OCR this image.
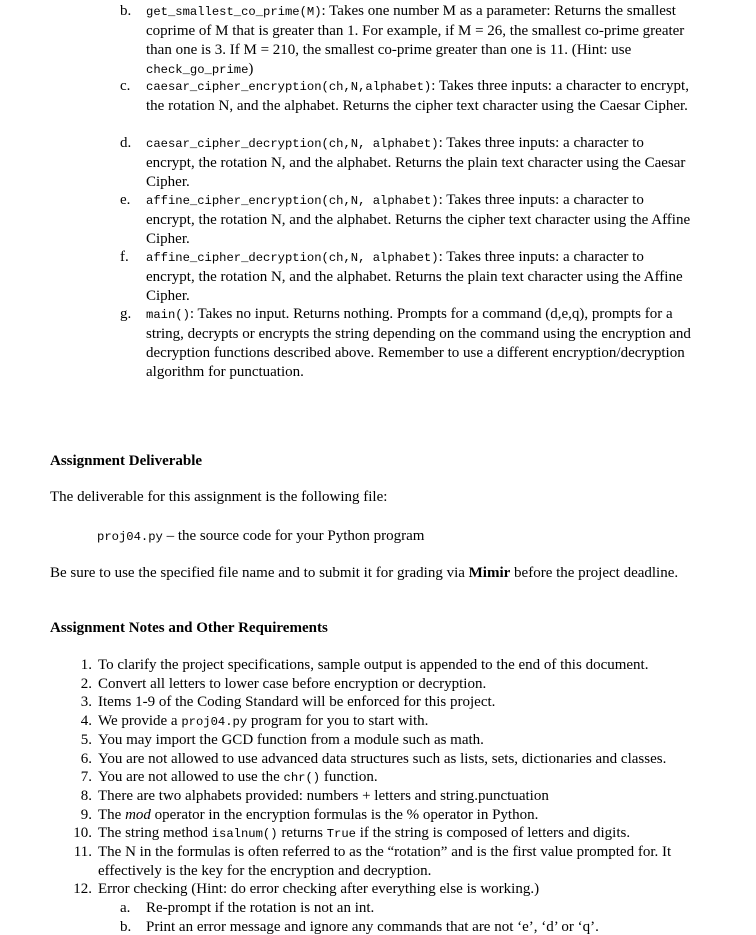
b. get_smallest_co_prime(M): Takes one number M as a parameter: Returns the smallest coprime of M that is greater than 1. For example, if M = 26, the smallest co-prime greater than one is 3. If M = 210, the smallest co-prime greater than one is 11. (Hint: use check_go_prime)
c. caesar_cipher_encryption(ch,N,alphabet): Takes three inputs: a character to encrypt, the rotation N, and the alphabet. Returns the cipher text character using the Caesar Cipher.
d. caesar_cipher_decryption(ch,N, alphabet): Takes three inputs: a character to encrypt, the rotation N, and the alphabet. Returns the plain text character using the Caesar Cipher.
e. affine_cipher_encryption(ch,N, alphabet): Takes three inputs: a character to encrypt, the rotation N, and the alphabet. Returns the cipher text character using the Affine Cipher.
f. affine_cipher_decryption(ch,N, alphabet): Takes three inputs: a character to encrypt, the rotation N, and the alphabet. Returns the plain text character using the Affine Cipher.
g. main(): Takes no input. Returns nothing. Prompts for a command (d,e,q), prompts for a string, decrypts or encrypts the string depending on the command using the encryption and decryption functions described above. Remember to use a different encryption/decryption algorithm for punctuation.
Assignment Deliverable
The deliverable for this assignment is the following file:
proj04.py – the source code for your Python program
Be sure to use the specified file name and to submit it for grading via Mimir before the project deadline.
Assignment Notes and Other Requirements
1. To clarify the project specifications, sample output is appended to the end of this document.
2. Convert all letters to lower case before encryption or decryption.
3. Items 1-9 of the Coding Standard will be enforced for this project.
4. We provide a proj04.py program for you to start with.
5. You may import the GCD function from a module such as math.
6. You are not allowed to use advanced data structures such as lists, sets, dictionaries and classes.
7. You are not allowed to use the chr() function.
8. There are two alphabets provided: numbers + letters and string.punctuation
9. The mod operator in the encryption formulas is the % operator in Python.
10. The string method isalnum() returns True if the string is composed of letters and digits.
11. The N in the formulas is often referred to as the “rotation” and is the first value prompted for. It effectively is the key for the encryption and decryption.
12. Error checking (Hint: do error checking after everything else is working.)
a. Re-prompt if the rotation is not an int.
b. Print an error message and ignore any commands that are not ‘e’, ‘d’ or ‘q’.
